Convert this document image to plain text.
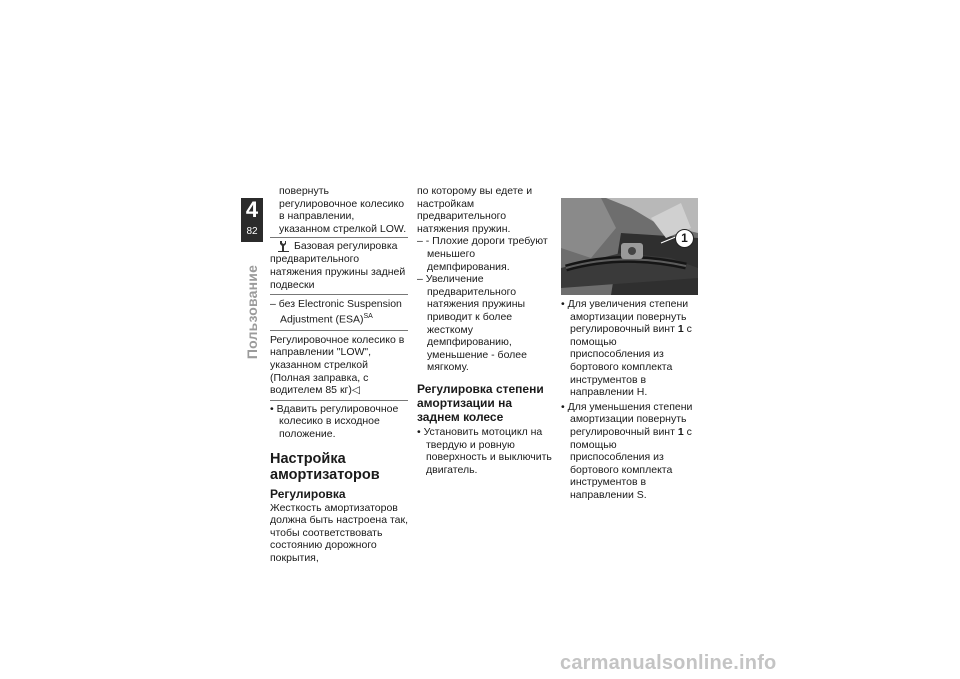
4
82
Пользование

повернуть регулировочное колесико в направлении, указанном стрелкой LOW.

Базовая регулировка предварительного натяжения пружины задней подвески
– без Electronic Suspension Adjustment (ESA)$^{SA}$

Регулировочное колесико в направлении "LOW", указанном стрелкой (Полная заправка, с водителем 85 кг)◁

• Вдавить регулировочное колесико в исходное положение.
Настройка амортизаторов
Регулировка

Жесткость амортизаторов должна быть настроена так, чтобы соответствовать состоянию дорожного покрытия,

по которому вы едете и настройкам предварительного натяжения пружин.

– - Плохие дороги требуют меньшего демпфирования.
– Увеличение предварительного натяжения пружины приводит к более жесткому демпфированию, уменьшение - более мягкому.
Регулировка степени амортизации на заднем колесе
• Установить мотоцикл на твердую и ровную поверхность и выключить двигатель.
1
• Для увеличения степени амортизации повернуть регулировочный винт 1 с помощью приспособления из бортового комплекта инструментов в направлении H.
• Для уменьшения степени амортизации повернуть регулировочный винт 1 с помощью приспособления из бортового комплекта инструментов в направлении S.
carmanualsonline.info
